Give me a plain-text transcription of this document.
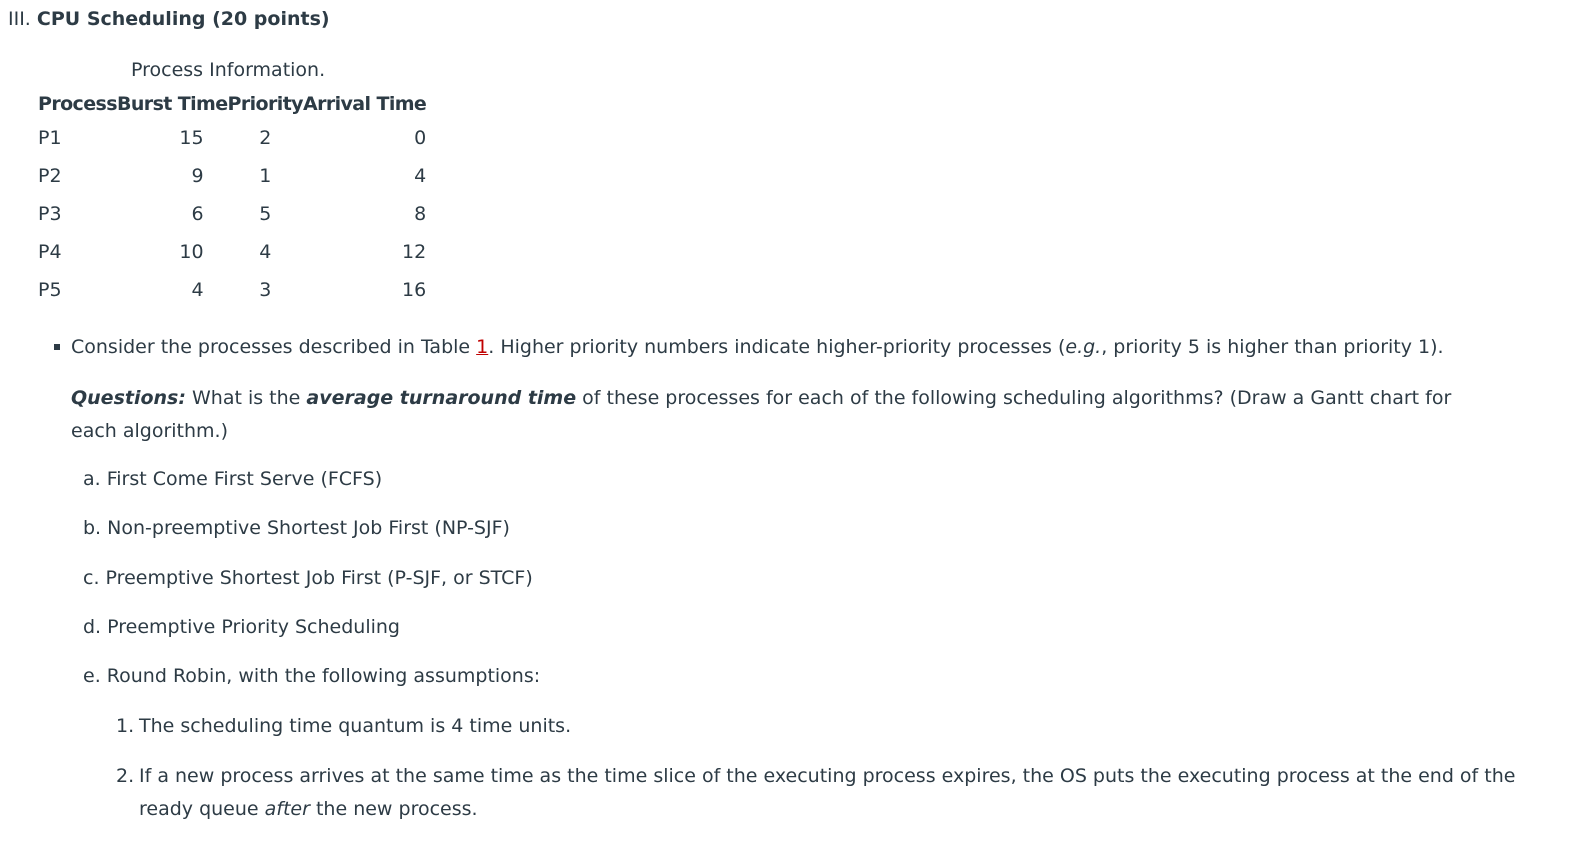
III. CPU Scheduling (20 points)
Process Information.
Process	Burst Time	Priority	Arrival Time
P1	15	2	0
P2	9	1	4
P3	6	5	8
P4	10	4	12
P5	4	3	16
Consider the processes described in Table 1. Higher priority numbers indicate higher-priority processes (e.g., priority 5 is higher than priority 1).
Questions: What is the average turnaround time of these processes for each of the following scheduling algorithms? (Draw a Gantt chart for each algorithm.)
a. First Come First Serve (FCFS)
b. Non-preemptive Shortest Job First (NP-SJF)
c. Preemptive Shortest Job First (P-SJF, or STCF)
d. Preemptive Priority Scheduling
e. Round Robin, with the following assumptions:
1. The scheduling time quantum is 4 time units.
2. If a new process arrives at the same time as the time slice of the executing process expires, the OS puts the executing process at the end of the
ready queue after the new process.
